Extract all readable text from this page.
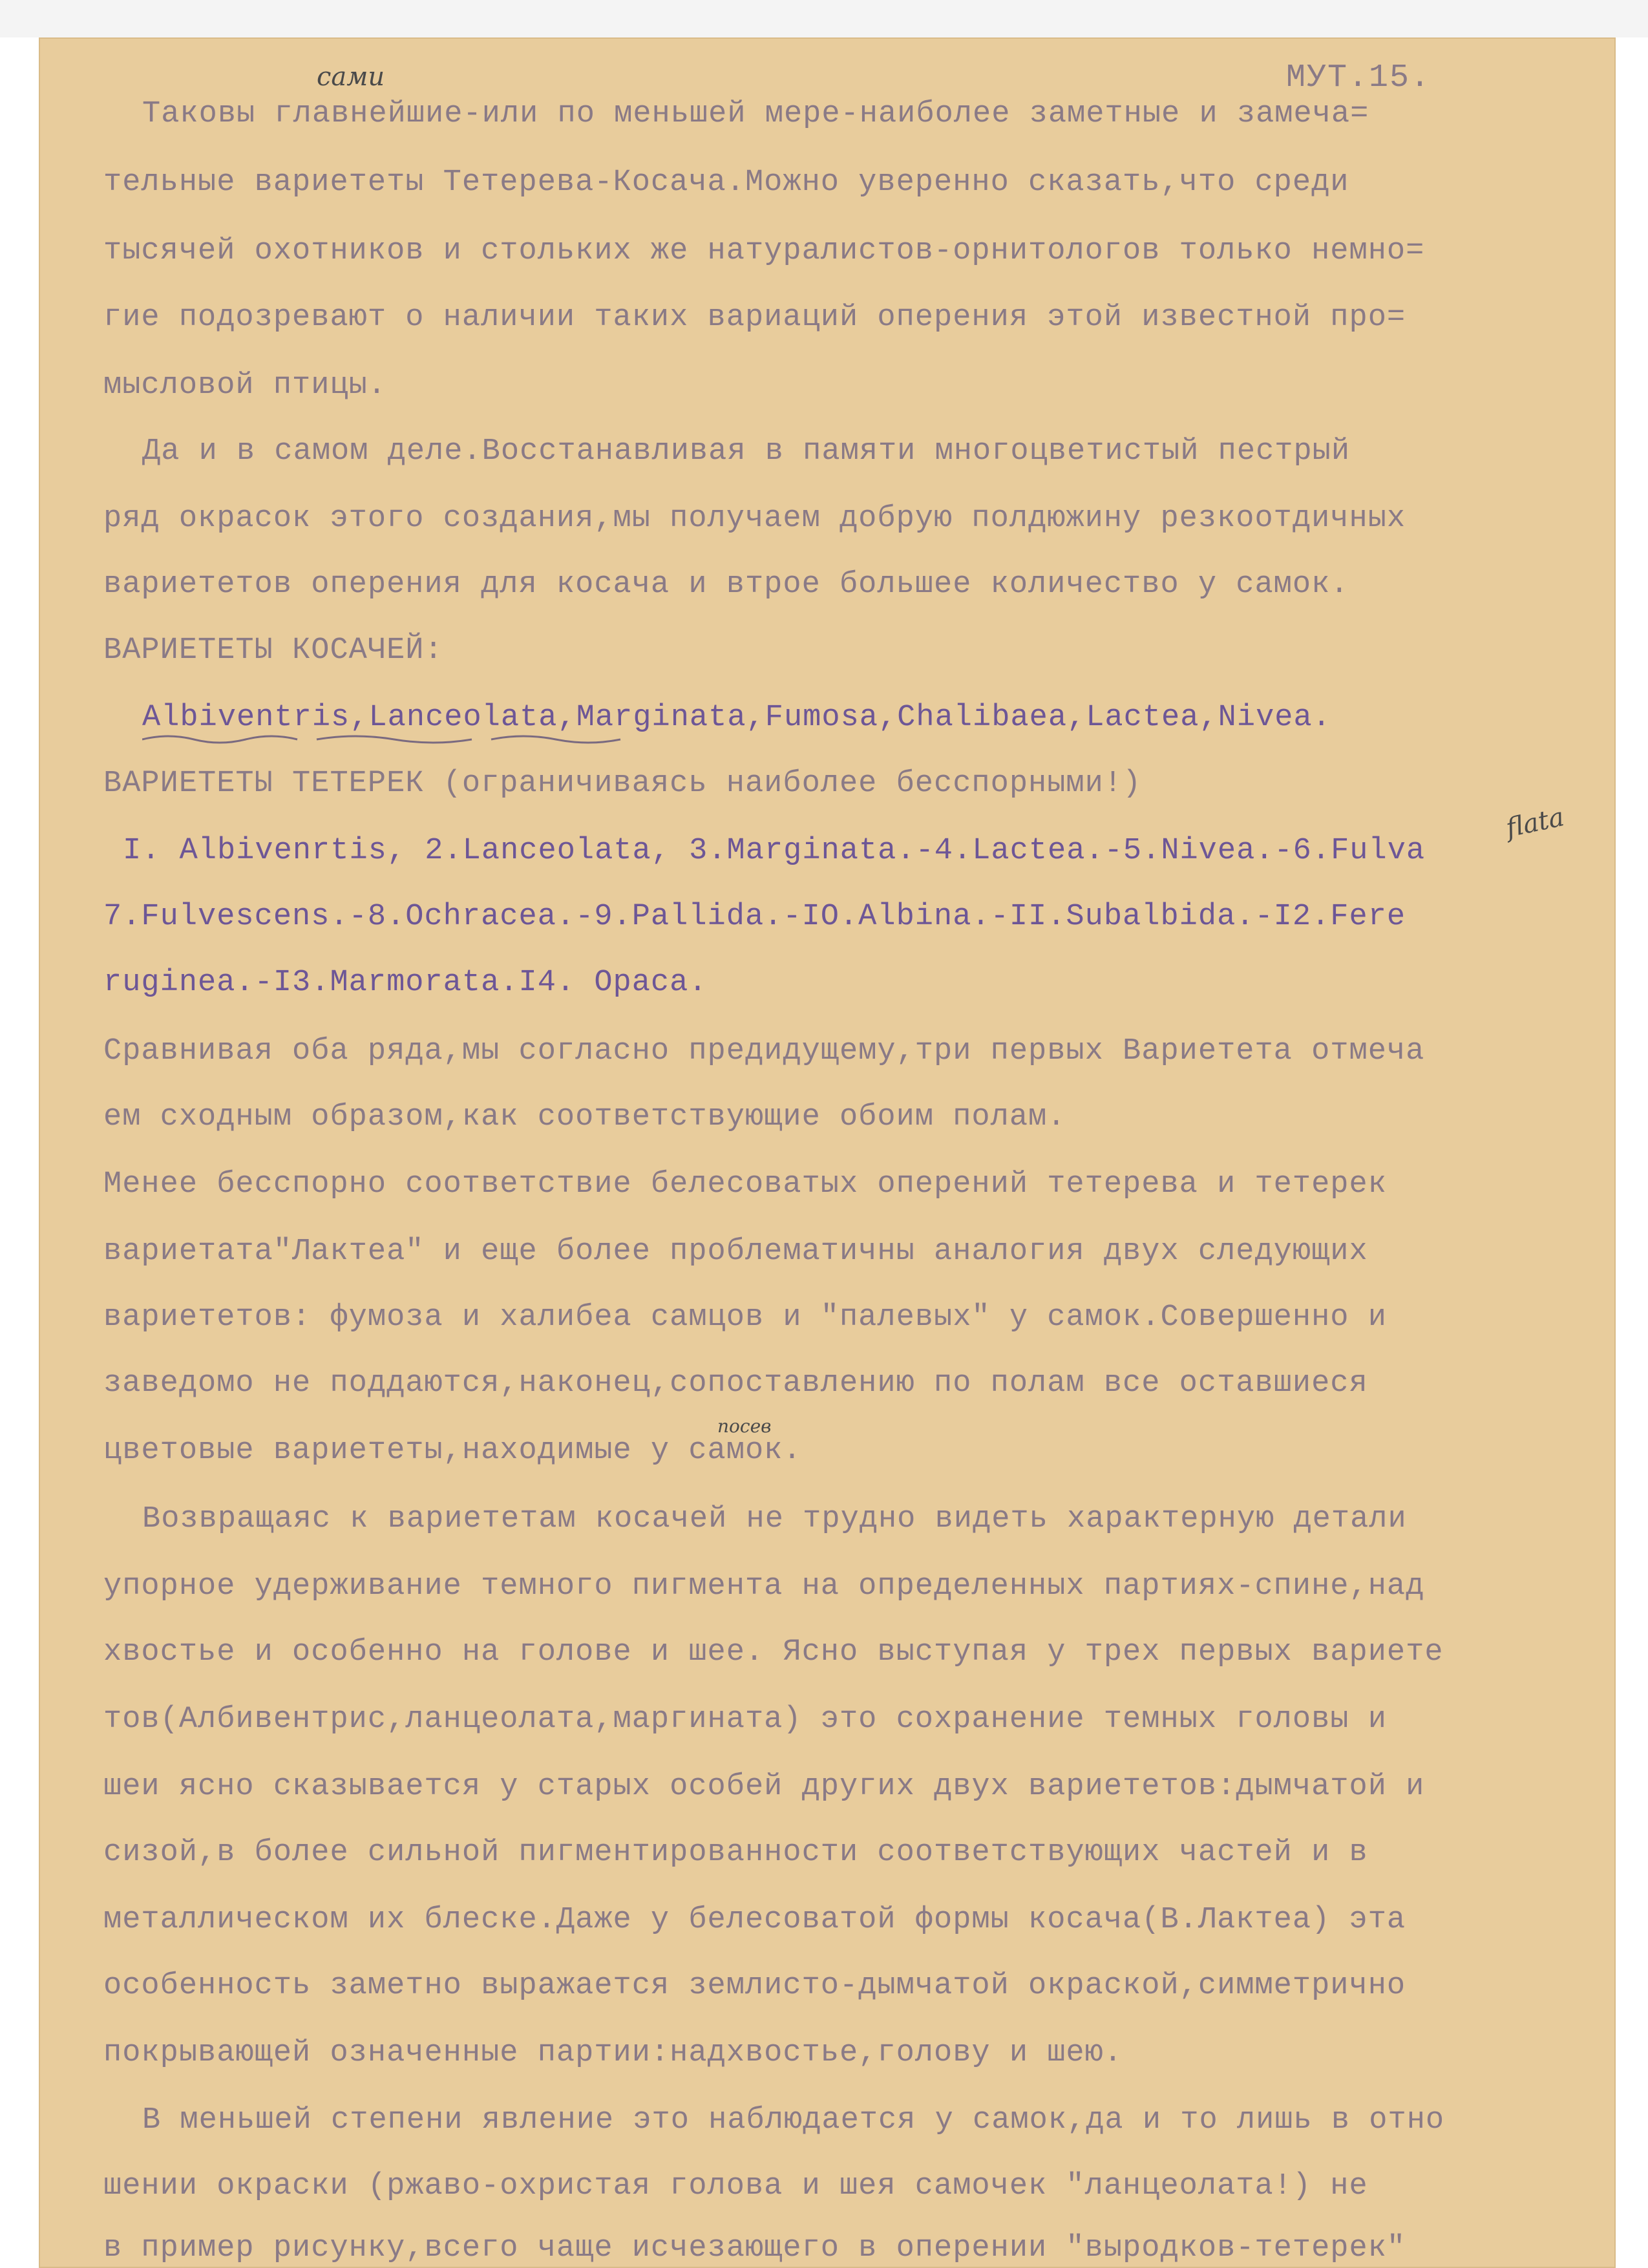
МУТ.15.
сами
flata
посев
Таковы главнейшие-или по меньшей мере-наиболее заметные и замеча=
тельные вариететы Тетерева-Косача.Можно уверенно сказать,что среди
тысячей охотников и стольких же натуралистов-орнитологов только немно=
гие подозревают о наличии таких вариаций оперения этой известной про=
мысловой птицы.
Да и в самом деле.Восстанавливая в памяти многоцветистый пестрый
ряд окрасок этого создания,мы получаем добрую полдюжину резкоотдичных
вариететов оперения для косача и втрое большее количество у самок.
ВАРИЕТЕТЫ КОСАЧЕЙ:
Albiventris,Lanceolata,Marginata,Fumosa,Chalibaea,Lactea,Nivea.
ВАРИЕТЕТЫ ТЕТЕРЕК (ограничиваясь наиболее бесспорными!)
I. Albivenrtis, 2.Lanceolata, 3.Marginata.-4.Lactea.-5.Nivea.-6.Fulva
7.Fulvescens.-8.Ochracea.-9.Pallida.-IO.Albina.-II.Subalbida.-I2.Fere
ruginea.-I3.Marmorata.I4. Opaca.
Сравнивая оба ряда,мы согласно предидущему,три первых Вариетета отмеча
ем сходным образом,как соответствующие обоим полам.
Менее бесспорно соответствие белесоватых оперений тетерева и тетерек
вариетата"Лактеа" и еще более проблематичны аналогия двух следующих
вариететов: фумоза и халибеа самцов и "палевых" у самок.Совершенно и
заведомо не поддаются,наконец,сопоставлению по полам все оставшиеся
цветовые вариететы,находимые у самок.
Возвращаяс к вариететам косачей не трудно видеть характерную детали
упорное удерживание темного пигмента на определенных партиях-спине,над
хвостье и особенно на голове и шее. Ясно выступая у трех первых вариете
тов(Албивентрис,ланцеолата,маргината) это сохранение темных головы и
шеи ясно сказывается у старых особей других двух вариететов:дымчатой и
сизой,в более сильной пигментированности соответствующих частей и в
металлическом их блеске.Даже у белесоватой формы косача(В.Лактеа) эта
особенность заметно выражается землисто-дымчатой окраской,симметрично
покрывающей означенные партии:надхвостье,голову и шею.
В меньшей степени явление это наблюдается у самок,да и то лишь в отно
шении окраски (ржаво-охристая голова и шея самочек "ланцеолата!) не
в пример рисунку,всего чаще исчезающего в оперении "выродков-тетерек"
